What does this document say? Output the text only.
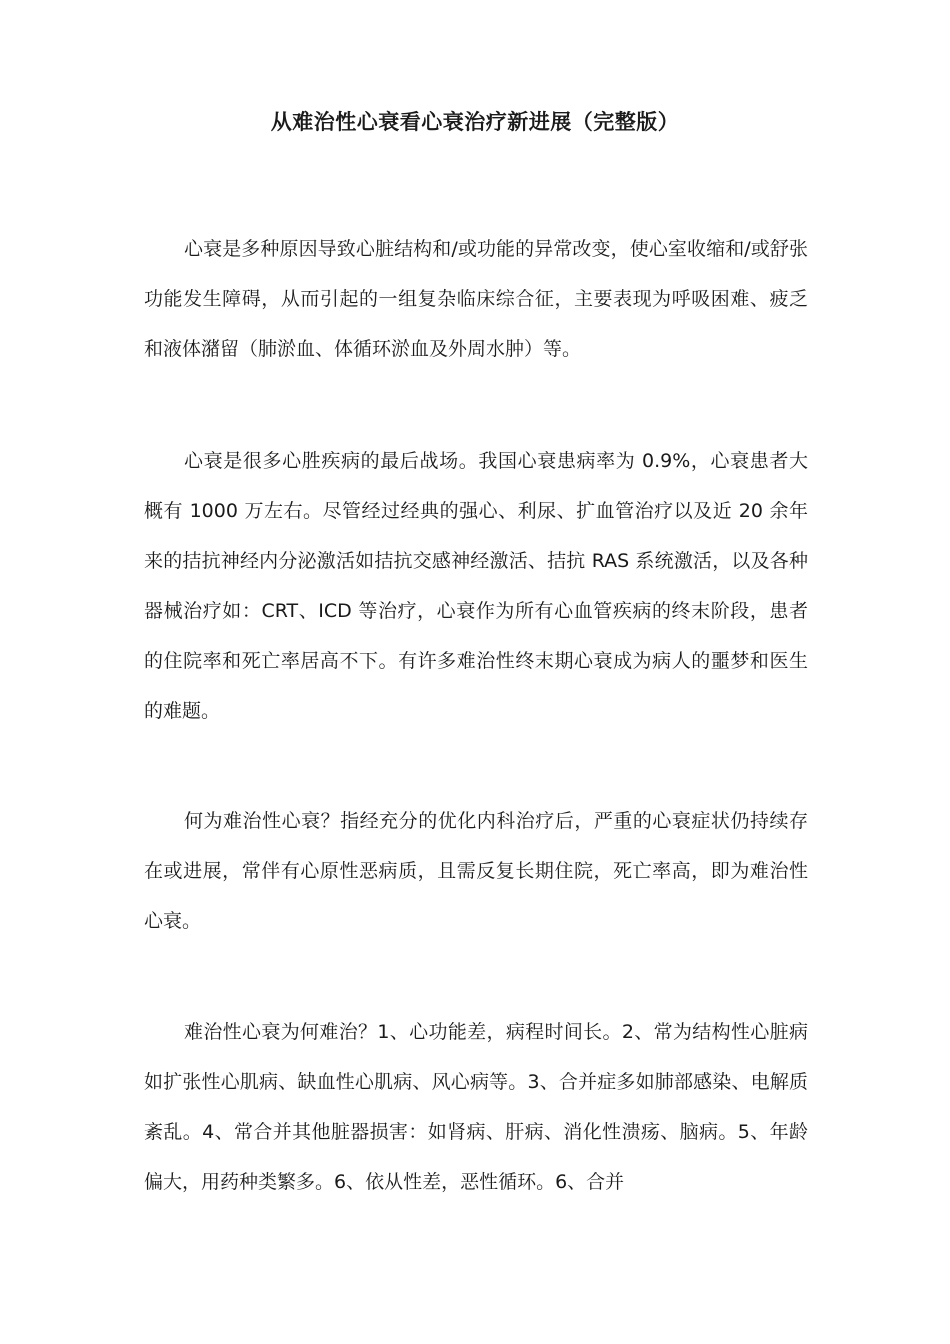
从难治性心衰看心衰治疗新进展（完整版）

心衰是多种原因导致心脏结构和/或功能的异常改变，使心室收缩和/或舒张功能发生障碍，从而引起的一组复杂临床综合征，主要表现为呼吸困难、疲乏和液体潴留（肺淤血、体循环淤血及外周水肿）等。

心衰是很多心胜疾病的最后战场。我国心衰患病率为 0.9%，心衰患者大概有 1000 万左右。尽管经过经典的强心、利尿、扩血管治疗以及近 20 余年来的拮抗神经内分泌激活如拮抗交感神经激活、拮抗 RAS 系统激活，以及各种器械治疗如：CRT、ICD 等治疗，心衰作为所有心血管疾病的终末阶段，患者的住院率和死亡率居高不下。有许多难治性终末期心衰成为病人的噩梦和医生的难题。

何为难治性心衰？指经充分的优化内科治疗后，严重的心衰症状仍持续存在或进展，常伴有心原性恶病质，且需反复长期住院，死亡率高，即为难治性心衰。

难治性心衰为何难治？1、心功能差，病程时间长。2、常为结构性心脏病如扩张性心肌病、缺血性心肌病、风心病等。3、合并症多如肺部感染、电解质紊乱。4、常合并其他脏器损害：如肾病、肝病、消化性溃疡、脑病。5、年龄偏大，用药种类繁多。6、依从性差，恶性循环。6、合并
